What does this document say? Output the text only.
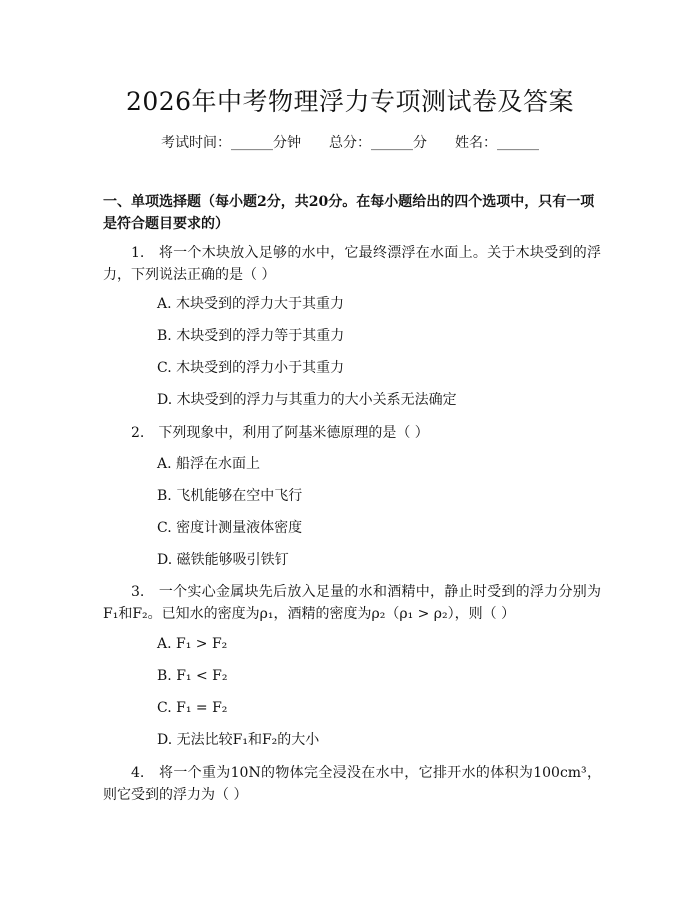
2026年中考物理浮力专项测试卷及答案
考试时间：______分钟 总分：______分 姓名：______
一、单项选择题（每小题2分，共20分。在每小题给出的四个选项中，只有一项是符合题目要求的）
1.　将一个木块放入足够的水中，它最终漂浮在水面上。关于木块受到的浮力，下列说法正确的是（ ）
A. 木块受到的浮力大于其重力
B. 木块受到的浮力等于其重力
C. 木块受到的浮力小于其重力
D. 木块受到的浮力与其重力的大小关系无法确定
2.　下列现象中，利用了阿基米德原理的是（ ）
A. 船浮在水面上
B. 飞机能够在空中飞行
C. 密度计测量液体密度
D. 磁铁能够吸引铁钉
3.　一个实心金属块先后放入足量的水和酒精中，静止时受到的浮力分别为F₁和F₂。已知水的密度为ρ₁，酒精的密度为ρ₂（ρ₁ > ρ₂），则（ ）
A. F₁ > F₂
B. F₁ < F₂
C. F₁ = F₂
D. 无法比较F₁和F₂的大小
4.　将一个重为10N的物体完全浸没在水中，它排开水的体积为100cm³，则它受到的浮力为（ ）
